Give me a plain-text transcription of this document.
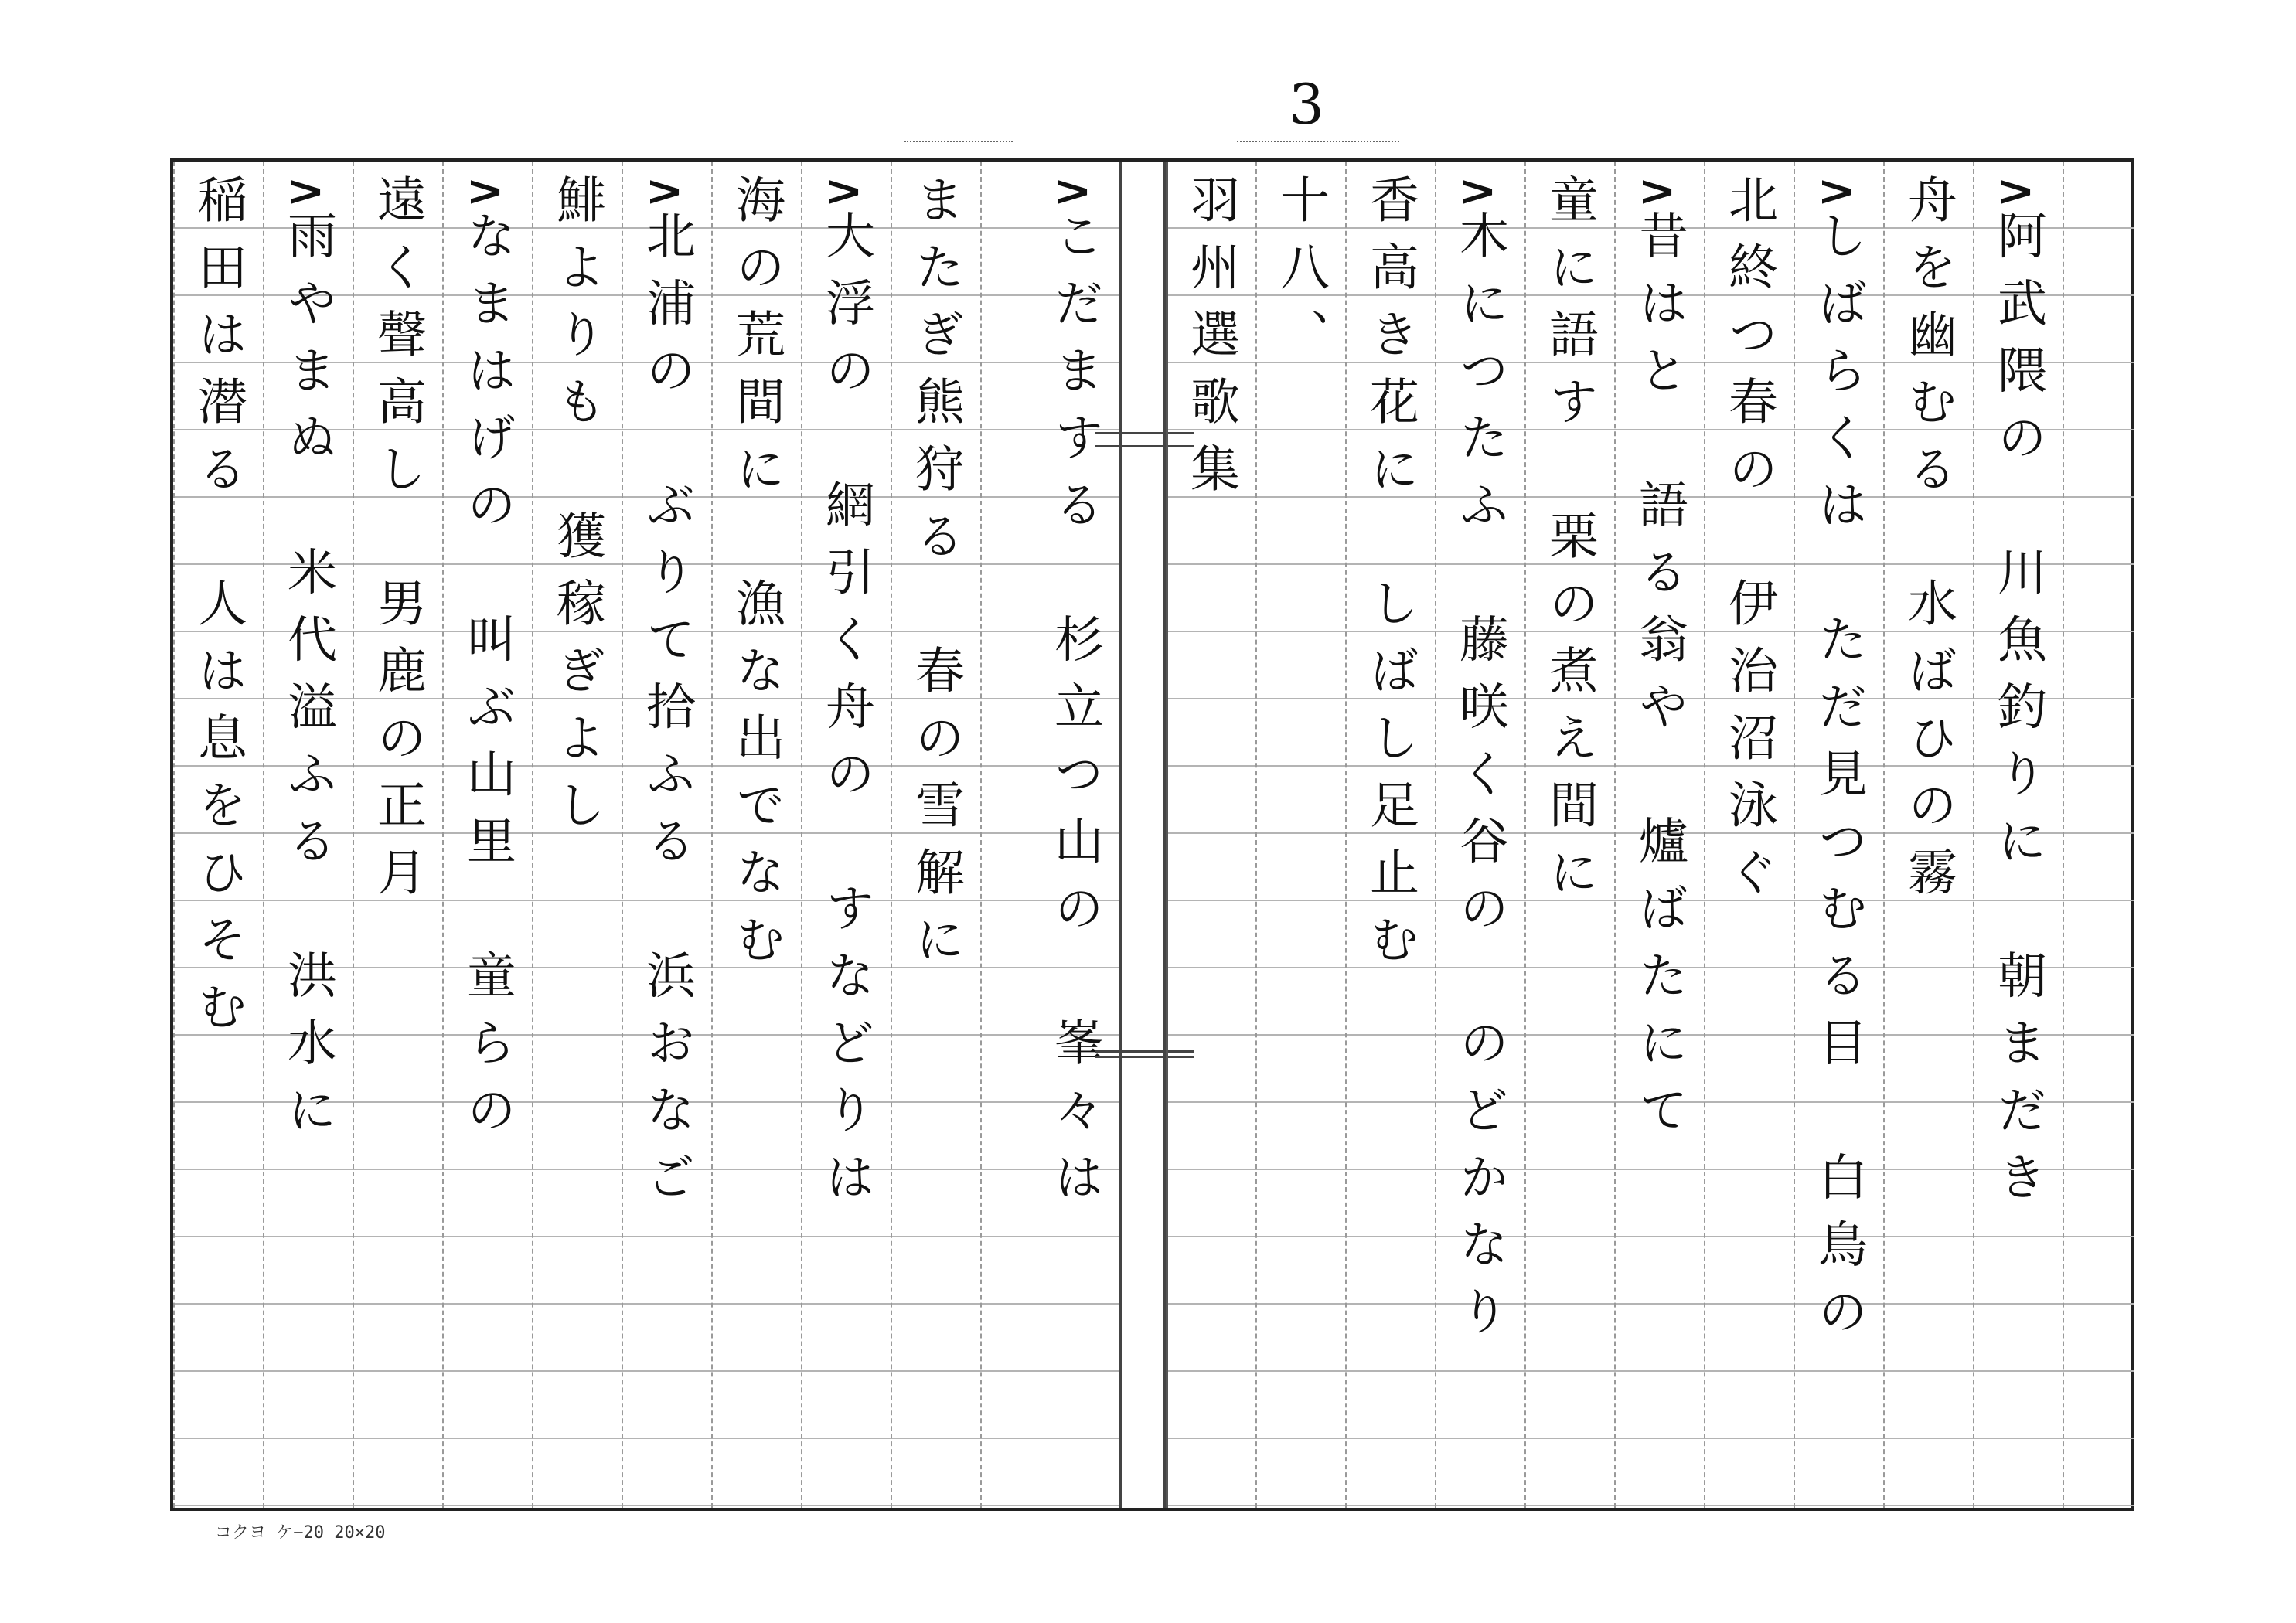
3
稲田は潜る　人は息をひそむ ∧雨やまぬ　米代溢ふる　洪水に 遠く聲高し　男鹿の正月 ∧なまはげの　叫ぶ山里　童らの 鯡よりも　獲稼ぎよし ∧北浦の　ぶりて拾ふる　浜おなご 海の荒間に　漁な出でなむ ∧大浮の　網引く舟の　すなどりは またぎ熊狩る　春の雪解に	∧こだまする　杉立つ山の　峯々は	羽州選歌集 十八、 香高き花に　しばし足止む ∧木につたふ　藤咲く谷の　のどかなり 童に語す　栗の煮え間に ∧昔はと　語る翁や　爐ばたにて 北終つ春の　伊治沼泳ぐ ∧しばらくは　ただ見つむる目　白鳥の 舟を幽むる　水ばひの霧 ∧阿武隈の　川魚釣りに　朝まだき
コクヨ ケ−20 20×20
